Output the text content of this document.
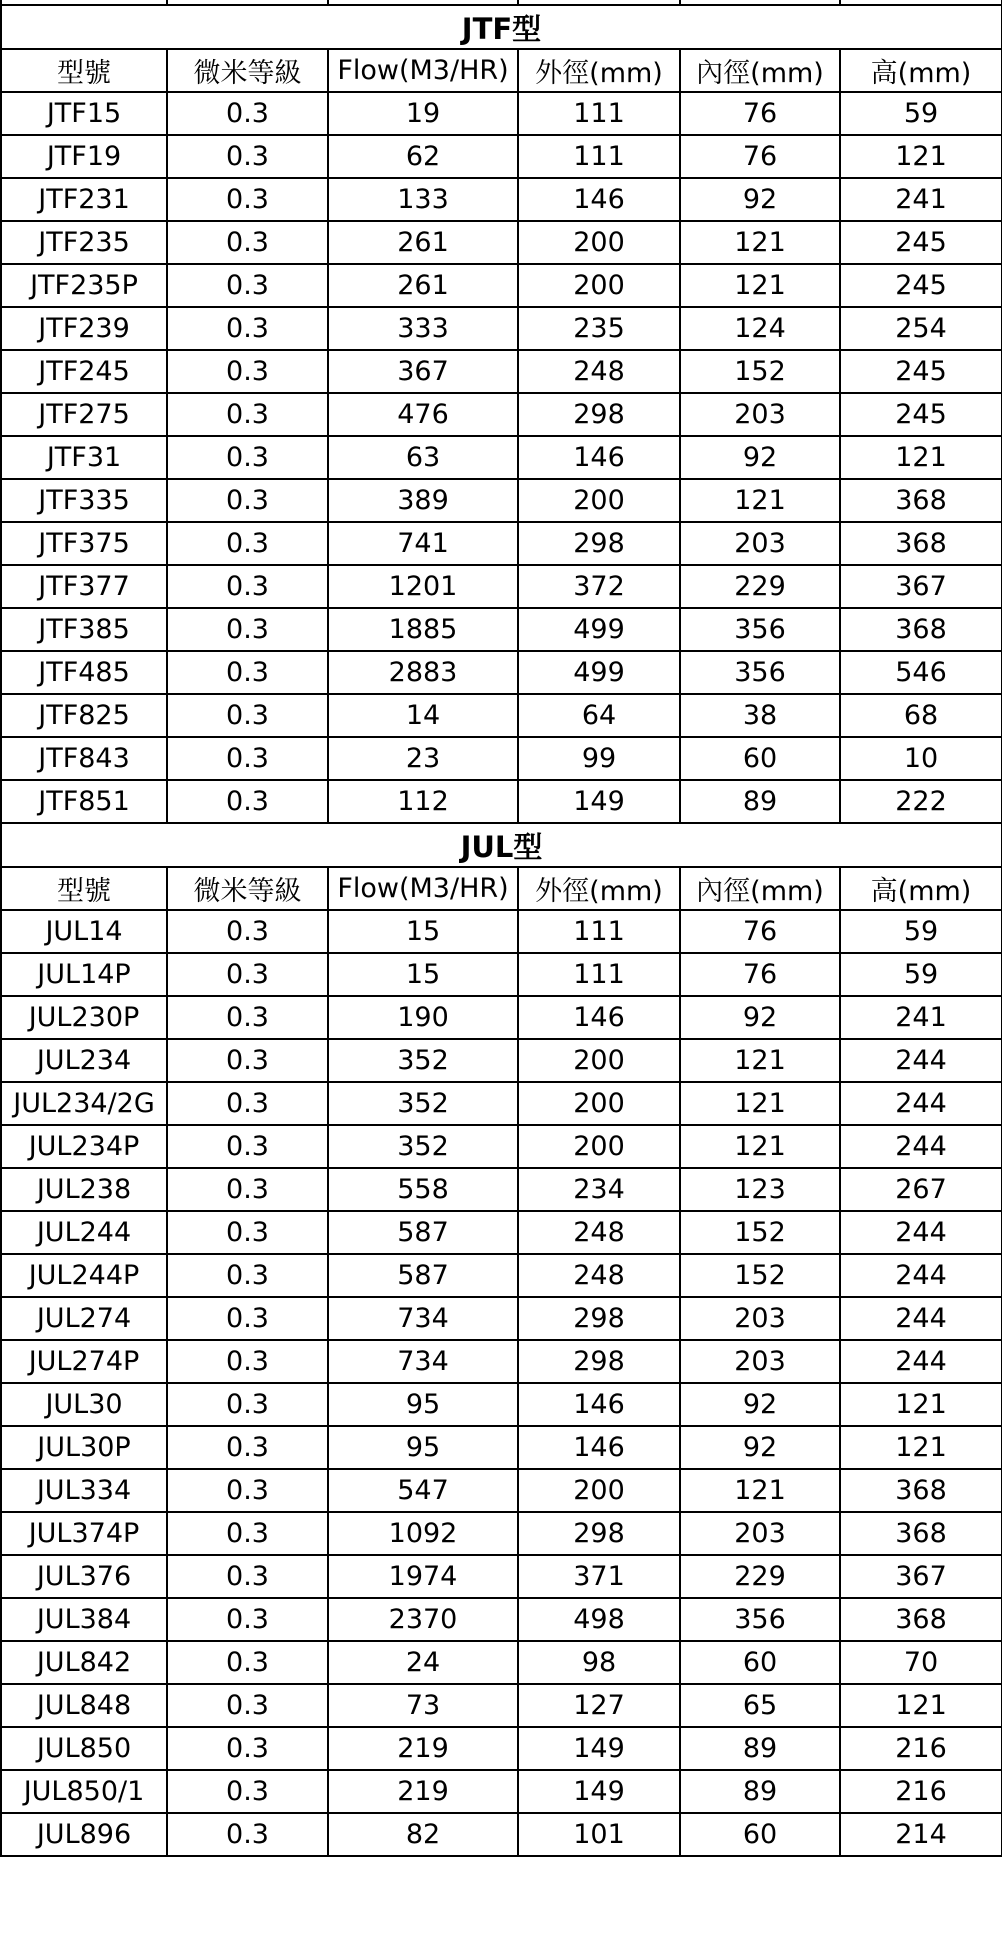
JTF型					
型號	微米等級	Flow(M3/HR)	外徑(mm)	內徑(mm)	高(mm)
JTF15	0.3	19	111	76	59
JTF19	0.3	62	111	76	121
JTF231	0.3	133	146	92	241
JTF235	0.3	261	200	121	245
JTF235P	0.3	261	200	121	245
JTF239	0.3	333	235	124	254
JTF245	0.3	367	248	152	245
JTF275	0.3	476	298	203	245
JTF31	0.3	63	146	92	121
JTF335	0.3	389	200	121	368
JTF375	0.3	741	298	203	368
JTF377	0.3	1201	372	229	367
JTF385	0.3	1885	499	356	368
JTF485	0.3	2883	499	356	546
JTF825	0.3	14	64	38	68
JTF843	0.3	23	99	60	10
JTF851	0.3	112	149	89	222
JUL型					
型號	微米等級	Flow(M3/HR)	外徑(mm)	內徑(mm)	高(mm)
JUL14	0.3	15	111	76	59
JUL14P	0.3	15	111	76	59
JUL230P	0.3	190	146	92	241
JUL234	0.3	352	200	121	244
JUL234/2G	0.3	352	200	121	244
JUL234P	0.3	352	200	121	244
JUL238	0.3	558	234	123	267
JUL244	0.3	587	248	152	244
JUL244P	0.3	587	248	152	244
JUL274	0.3	734	298	203	244
JUL274P	0.3	734	298	203	244
JUL30	0.3	95	146	92	121
JUL30P	0.3	95	146	92	121
JUL334	0.3	547	200	121	368
JUL374P	0.3	1092	298	203	368
JUL376	0.3	1974	371	229	367
JUL384	0.3	2370	498	356	368
JUL842	0.3	24	98	60	70
JUL848	0.3	73	127	65	121
JUL850	0.3	219	149	89	216
JUL850/1	0.3	219	149	89	216
JUL896	0.3	82	101	60	214
